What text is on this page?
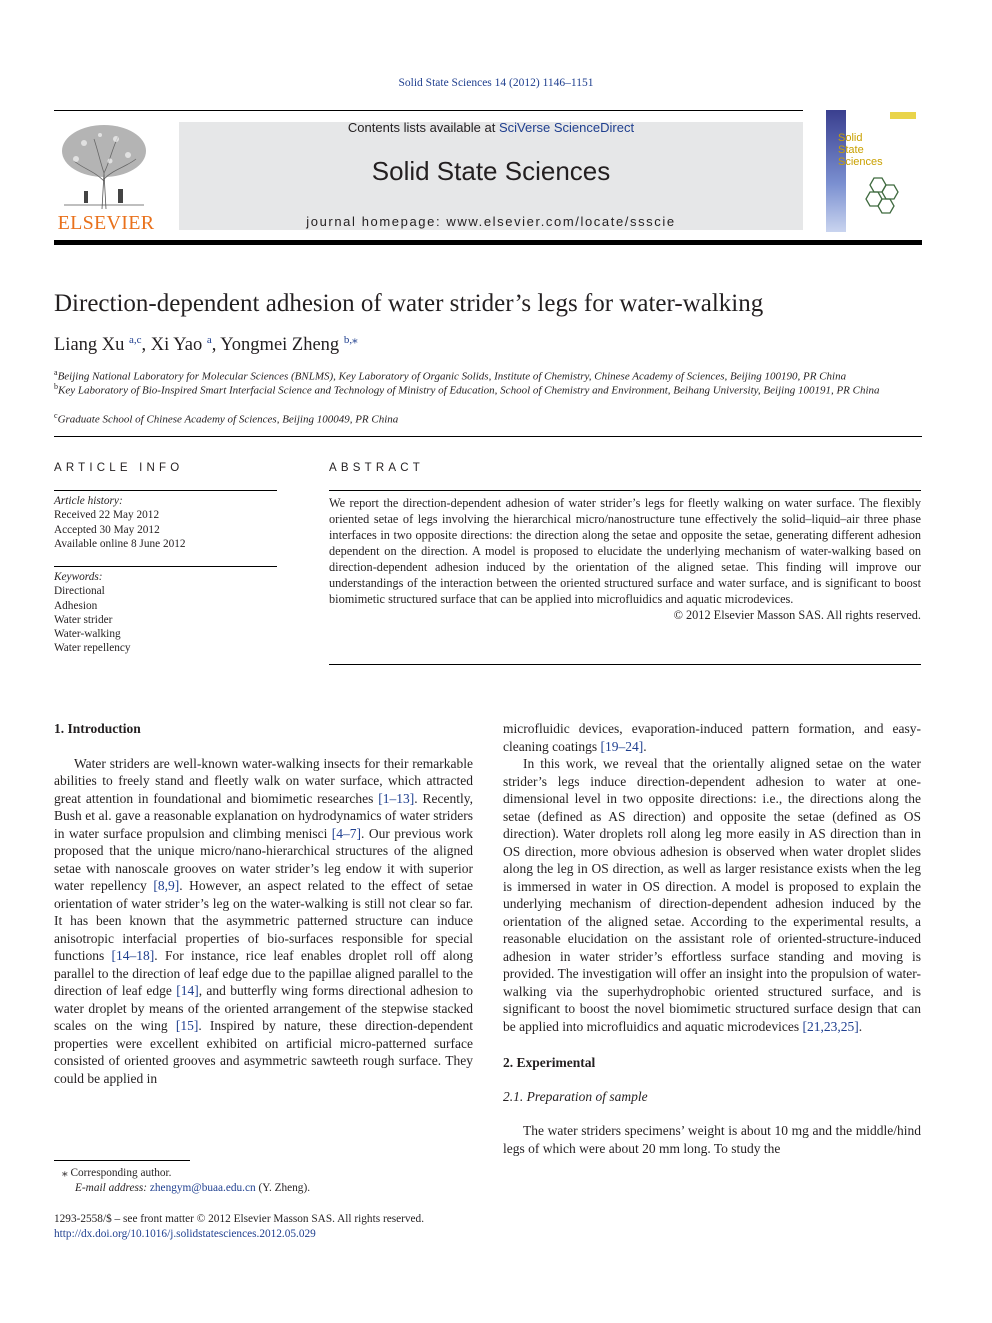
Solid State Sciences 14 (2012) 1146–1151
ELSEVIER
Contents lists available at SciVerse ScienceDirect
Solid State Sciences
journal homepage: www.elsevier.com/locate/ssscie
Solid
State
Sciences
Direction-dependent adhesion of water strider’s legs for water-walking
Liang Xu $^{a,c}$, Xi Yao $^a$, Yongmei Zheng $^{b,⁎}$
$^a$Beijing National Laboratory for Molecular Sciences (BNLMS), Key Laboratory of Organic Solids, Institute of Chemistry, Chinese Academy of Sciences, Beijing 100190, PR China
$^b$Key Laboratory of Bio-Inspired Smart Interfacial Science and Technology of Ministry of Education, School of Chemistry and Environment, Beihang University, Beijing 100191, PR China
$^c$Graduate School of Chinese Academy of Sciences, Beijing 100049, PR China
ARTICLE INFO
Article history:
Received 22 May 2012
Accepted 30 May 2012
Available online 8 June 2012
Keywords:
Directional
Adhesion
Water strider
Water-walking
Water repellency
ABSTRACT
We report the direction-dependent adhesion of water strider’s legs for fleetly walking on water surface. The flexibly oriented setae of legs involving the hierarchical micro/nanostructure tune effectively the solid–liquid–air three phase interfaces in two opposite directions: the direction along the setae and opposite the setae, generating different adhesion dependent on the direction. A model is proposed to elucidate the underlying mechanism of water-walking based on direction-dependent adhesion induced by the orientation of the aligned setae. This finding will improve our understandings of the interaction between the oriented structured surface and water surface, and is significant to boost biomimetic structured surface that can be applied into microfluidics and aquatic microdevices.
© 2012 Elsevier Masson SAS. All rights reserved.
1. Introduction

Water striders are well-known water-walking insects for their remarkable abilities to freely stand and fleetly walk on water surface, which attracted great attention in foundational and biomimetic researches [1–13]. Recently, Bush et al. gave a reasonable explanation on hydrodynamics of water striders in water surface propulsion and climbing menisci [4–7]. Our previous work proposed that the unique micro/nano-hierarchical structures of the aligned setae with nanoscale grooves on water strider’s leg endow it with superior water repellency [8,9]. However, an aspect related to the effect of setae orientation of water strider’s leg on the water-walking is still not clear so far. It has been known that the asymmetric patterned structure can induce anisotropic interfacial properties of bio-surfaces responsible for special functions [14–18]. For instance, rice leaf enables droplet roll off along parallel to the direction of leaf edge due to the papillae aligned parallel to the direction of leaf edge [14], and butterfly wing forms directional adhesion to water droplet by means of the oriented arrangement of the stepwise stacked scales on the wing [15]. Inspired by nature, these direction-dependent properties were excellent exhibited on artificial micro-patterned surface consisted of oriented grooves and asymmetric sawteeth rough surface. They could be applied in

microfluidic devices, evaporation-induced pattern formation, and easy-cleaning coatings [19–24].

In this work, we reveal that the orientally aligned setae on the water strider’s legs induce direction-dependent adhesion to water at one-dimensional level in two opposite directions: i.e., the directions along the setae (defined as AS direction) and opposite the setae (defined as OS direction). Water droplets roll along leg more easily in AS direction than in OS direction, more obvious adhesion is observed when water droplet slides along the leg in OS direction, as well as larger resistance exists when the leg is immersed in water in OS direction. A model is proposed to explain the underlying mechanism of direction-dependent adhesion induced by the orientation of the aligned setae. According to the experimental results, a reasonable elucidation on the assistant role of oriented-structure-induced adhesion in water strider’s effortless surface standing and moving is provided. The investigation will offer an insight into the propulsion of water-walking via the superhydrophobic oriented structured surface, and is significant to boost the novel biomimetic structured surface design that can be applied into microfluidics and aquatic microdevices [21,23,25].

2. Experimental
2.1. Preparation of sample

The water striders specimens’ weight is about 10 mg and the middle/hind legs of which were about 20 mm long. To study the

⁎ Corresponding author.
E-mail address: zhengym@buaa.edu.cn (Y. Zheng).
1293-2558/$ – see front matter © 2012 Elsevier Masson SAS. All rights reserved.
http://dx.doi.org/10.1016/j.solidstatesciences.2012.05.029
